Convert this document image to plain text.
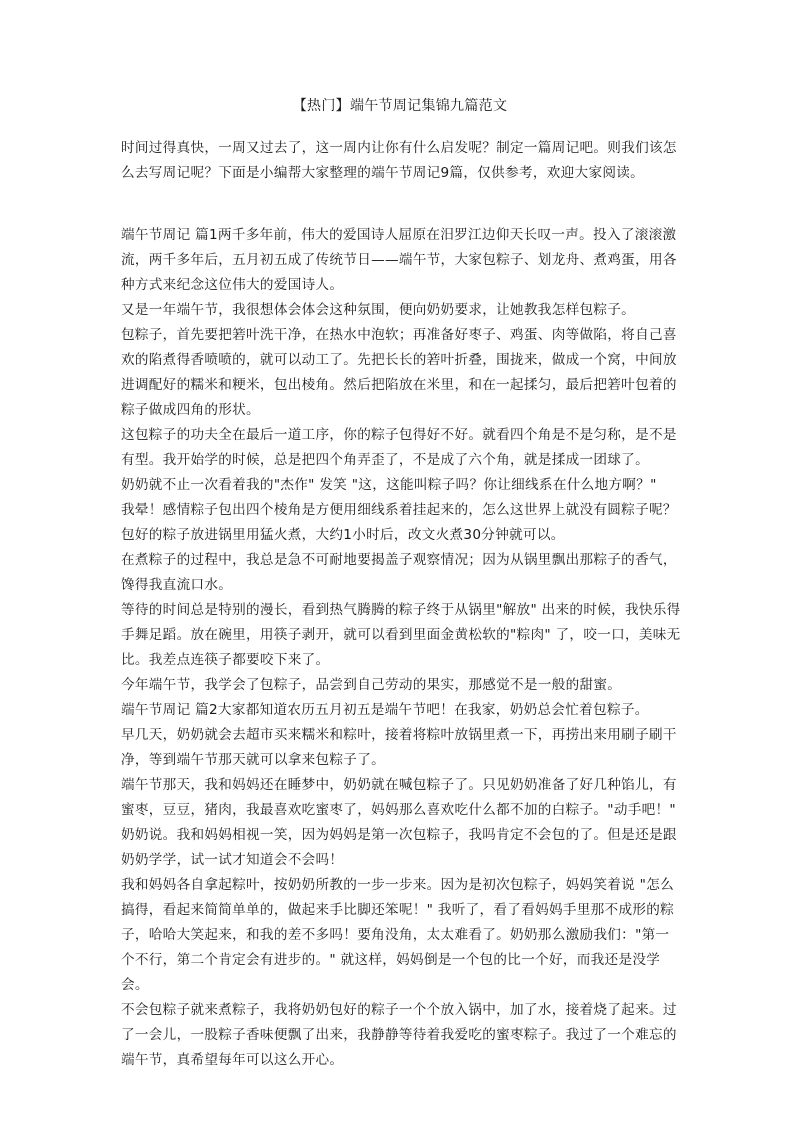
【热门】端午节周记集锦九篇范文

时间过得真快，一周又过去了，这一周内让你有什么启发呢？制定一篇周记吧。则我们该怎么去写周记呢？下面是小编帮大家整理的端午节周记9篇，仅供参考，欢迎大家阅读。

端午节周记 篇1两千多年前，伟大的爱国诗人屈原在汨罗江边仰天长叹一声。投入了滚滚激流，两千多年后，五月初五成了传统节日——端午节，大家包粽子、划龙舟、煮鸡蛋，用各种方式来纪念这位伟大的爱国诗人。

又是一年端午节，我很想体会体会这种氛围，便向奶奶要求，让她教我怎样包粽子。

包粽子，首先要把箬叶洗干净，在热水中泡软；再准备好枣子、鸡蛋、肉等做陷，将自己喜欢的陷煮得香喷喷的，就可以动工了。先把长长的箬叶折叠，围拢来，做成一个窝，中间放进调配好的糯米和粳米，包出棱角。然后把陷放在米里，和在一起揉匀，最后把箬叶包着的粽子做成四角的形状。

这包粽子的功夫全在最后一道工序，你的粽子包得好不好。就看四个角是不是匀称，是不是有型。我开始学的时候，总是把四个角弄歪了，不是成了六个角，就是揉成一团球了。

奶奶就不止一次看着我的"杰作" 发笑 "这，这能叫粽子吗？你让细线系在什么地方啊？"

我晕！感情粽子包出四个棱角是方便用细线系着挂起来的，怎么这世界上就没有圆粽子呢？

包好的粽子放进锅里用猛火煮，大约1小时后，改文火煮30分钟就可以。

在煮粽子的过程中，我总是急不可耐地要揭盖子观察情况；因为从锅里飘出那粽子的香气，馋得我直流口水。

等待的时间总是特别的漫长，看到热气腾腾的粽子终于从锅里"解放" 出来的时候，我快乐得手舞足蹈。放在碗里，用筷子剥开，就可以看到里面金黄松软的"粽肉" 了，咬一口，美味无比。我差点连筷子都要咬下来了。

今年端午节，我学会了包粽子，品尝到自己劳动的果实，那感觉不是一般的甜蜜。

端午节周记 篇2大家都知道农历五月初五是端午节吧！在我家，奶奶总会忙着包粽子。

早几天，奶奶就会去超市买来糯米和粽叶，接着将粽叶放锅里煮一下，再捞出来用刷子刷干净，等到端午节那天就可以拿来包粽子了。

端午节那天，我和妈妈还在睡梦中，奶奶就在喊包粽子了。只见奶奶准备了好几种馅儿，有蜜枣，豆豆，猪肉，我最喜欢吃蜜枣了，妈妈那么喜欢吃什么都不加的白粽子。"动手吧！" 奶奶说。我和妈妈相视一笑，因为妈妈是第一次包粽子，我吗肯定不会包的了。但是还是跟奶奶学学，试一试才知道会不会吗！

我和妈妈各自拿起粽叶，按奶奶所教的一步一步来。因为是初次包粽子，妈妈笑着说 "怎么搞得，看起来简简单单的，做起来手比脚还笨呢！" 我听了，看了看妈妈手里那不成形的粽子，哈哈大笑起来，和我的差不多吗！要角没角，太太难看了。奶奶那么激励我们："第一个不行，第二个肯定会有进步的。" 就这样，妈妈倒是一个包的比一个好，而我还是没学会。

不会包粽子就来煮粽子，我将奶奶包好的粽子一个个放入锅中，加了水，接着烧了起来。过了一会儿，一股粽子香味便飘了出来，我静静等待着我爱吃的蜜枣粽子。我过了一个难忘的端午节，真希望每年可以这么开心。
